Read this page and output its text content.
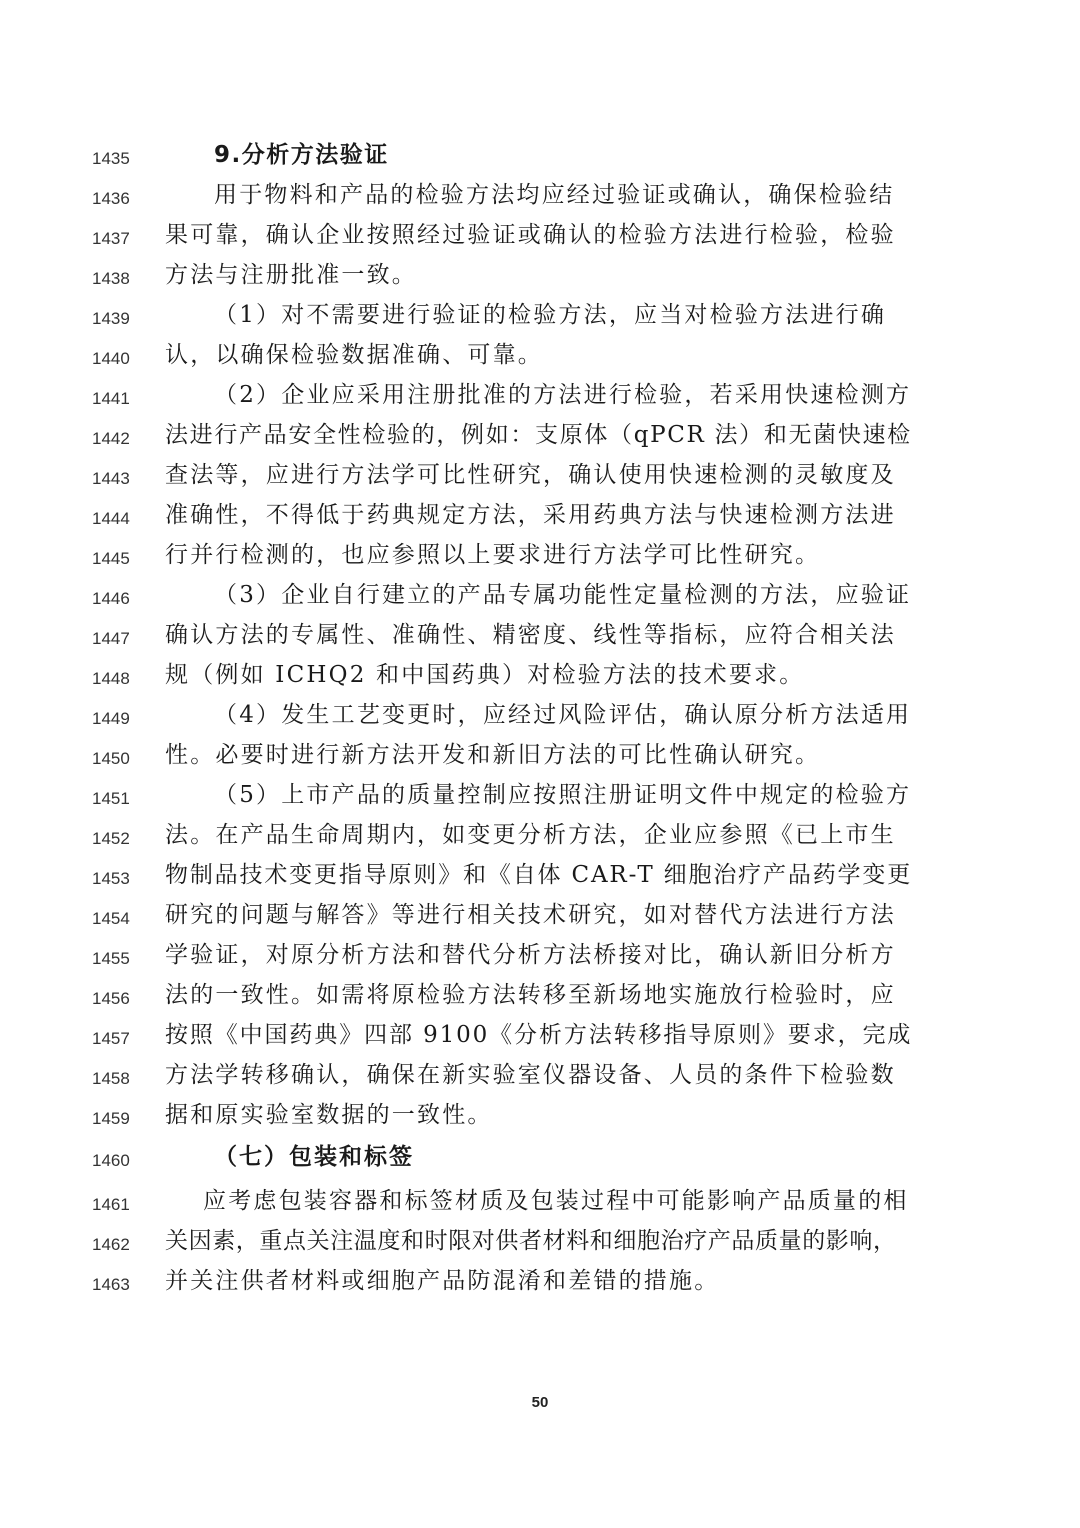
1435	9.分析方法验证
1436	用于物料和产品的检验方法均应经过验证或确认，确保检验结
1437	果可靠，确认企业按照经过验证或确认的检验方法进行检验，检验
1438	方法与注册批准一致。
1439	（1）对不需要进行验证的检验方法，应当对检验方法进行确
1440	认，以确保检验数据准确、可靠。
1441	（2）企业应采用注册批准的方法进行检验，若采用快速检测方
1442	法进行产品安全性检验的，例如：支原体（qPCR 法）和无菌快速检
1443	查法等，应进行方法学可比性研究，确认使用快速检测的灵敏度及
1444	准确性，不得低于药典规定方法，采用药典方法与快速检测方法进
1445	行并行检测的，也应参照以上要求进行方法学可比性研究。
1446	（3）企业自行建立的产品专属功能性定量检测的方法，应验证
1447	确认方法的专属性、准确性、精密度、线性等指标，应符合相关法
1448	规（例如 ICHQ2 和中国药典）对检验方法的技术要求。
1449	（4）发生工艺变更时，应经过风险评估，确认原分析方法适用
1450	性。必要时进行新方法开发和新旧方法的可比性确认研究。
1451	（5）上市产品的质量控制应按照注册证明文件中规定的检验方
1452	法。在产品生命周期内，如变更分析方法，企业应参照《已上市生
1453	物制品技术变更指导原则》和《自体 CAR-T 细胞治疗产品药学变更
1454	研究的问题与解答》等进行相关技术研究，如对替代方法进行方法
1455	学验证，对原分析方法和替代分析方法桥接对比，确认新旧分析方
1456	法的一致性。如需将原检验方法转移至新场地实施放行检验时，应
1457	按照《中国药典》四部 9100《分析方法转移指导原则》要求，完成
1458	方法学转移确认，确保在新实验室仪器设备、人员的条件下检验数
1459	据和原实验室数据的一致性。
1460	（七）包装和标签
1461	应考虑包装容器和标签材质及包装过程中可能影响产品质量的相
1462	关因素，重点关注温度和时限对供者材料和细胞治疗产品质量的影响，
1463	并关注供者材料或细胞产品防混淆和差错的措施。
50
